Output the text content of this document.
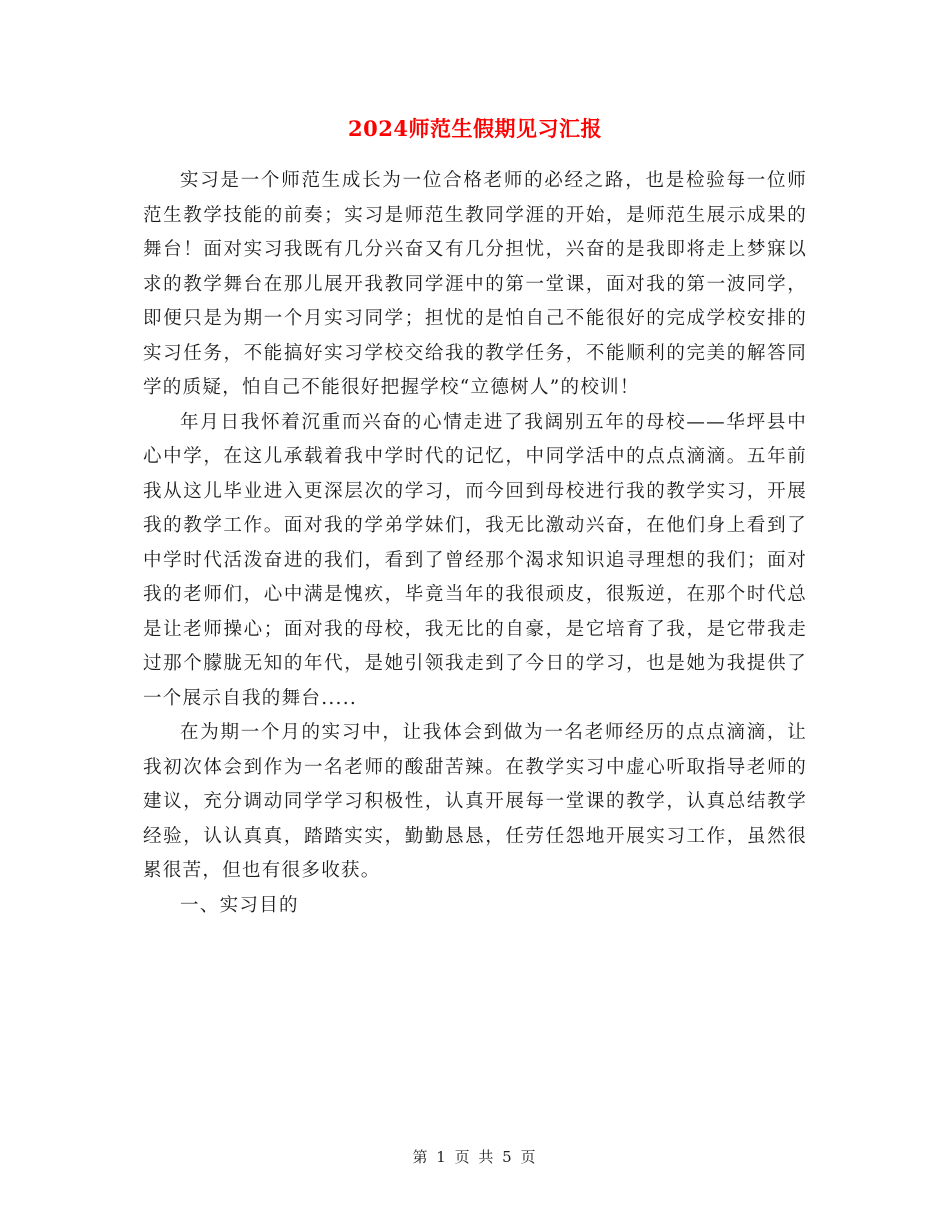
2024师范生假期见习汇报

实习是一个师范生成长为一位合格老师的必经之路，也是检验每一位师范生教学技能的前奏；实习是师范生教同学涯的开始，是师范生展示成果的舞台！面对实习我既有几分兴奋又有几分担忧，兴奋的是我即将走上梦寐以求的教学舞台在那儿展开我教同学涯中的第一堂课，面对我的第一波同学，即便只是为期一个月实习同学；担忧的是怕自己不能很好的完成学校安排的实习任务，不能搞好实习学校交给我的教学任务，不能顺利的完美的解答同学的质疑，怕自己不能很好把握学校“立德树人”的校训！

年月日我怀着沉重而兴奋的心情走进了我阔别五年的母校——华坪县中心中学，在这儿承载着我中学时代的记忆，中同学活中的点点滴滴。五年前我从这儿毕业进入更深层次的学习，而今回到母校进行我的教学实习，开展我的教学工作。面对我的学弟学妹们，我无比激动兴奋，在他们身上看到了中学时代活泼奋进的我们，看到了曾经那个渴求知识追寻理想的我们；面对我的老师们，心中满是愧疚，毕竟当年的我很顽皮，很叛逆，在那个时代总是让老师操心；面对我的母校，我无比的自豪，是它培育了我，是它带我走过那个朦胧无知的年代，是她引领我走到了今日的学习，也是她为我提供了一个展示自我的舞台.....

在为期一个月的实习中，让我体会到做为一名老师经历的点点滴滴，让我初次体会到作为一名老师的酸甜苦辣。在教学实习中虚心听取指导老师的建议，充分调动同学学习积极性，认真开展每一堂课的教学，认真总结教学经验，认认真真，踏踏实实，勤勤恳恳，任劳任怨地开展实习工作，虽然很累很苦，但也有很多收获。

一、实习目的

第 1 页 共 5 页
